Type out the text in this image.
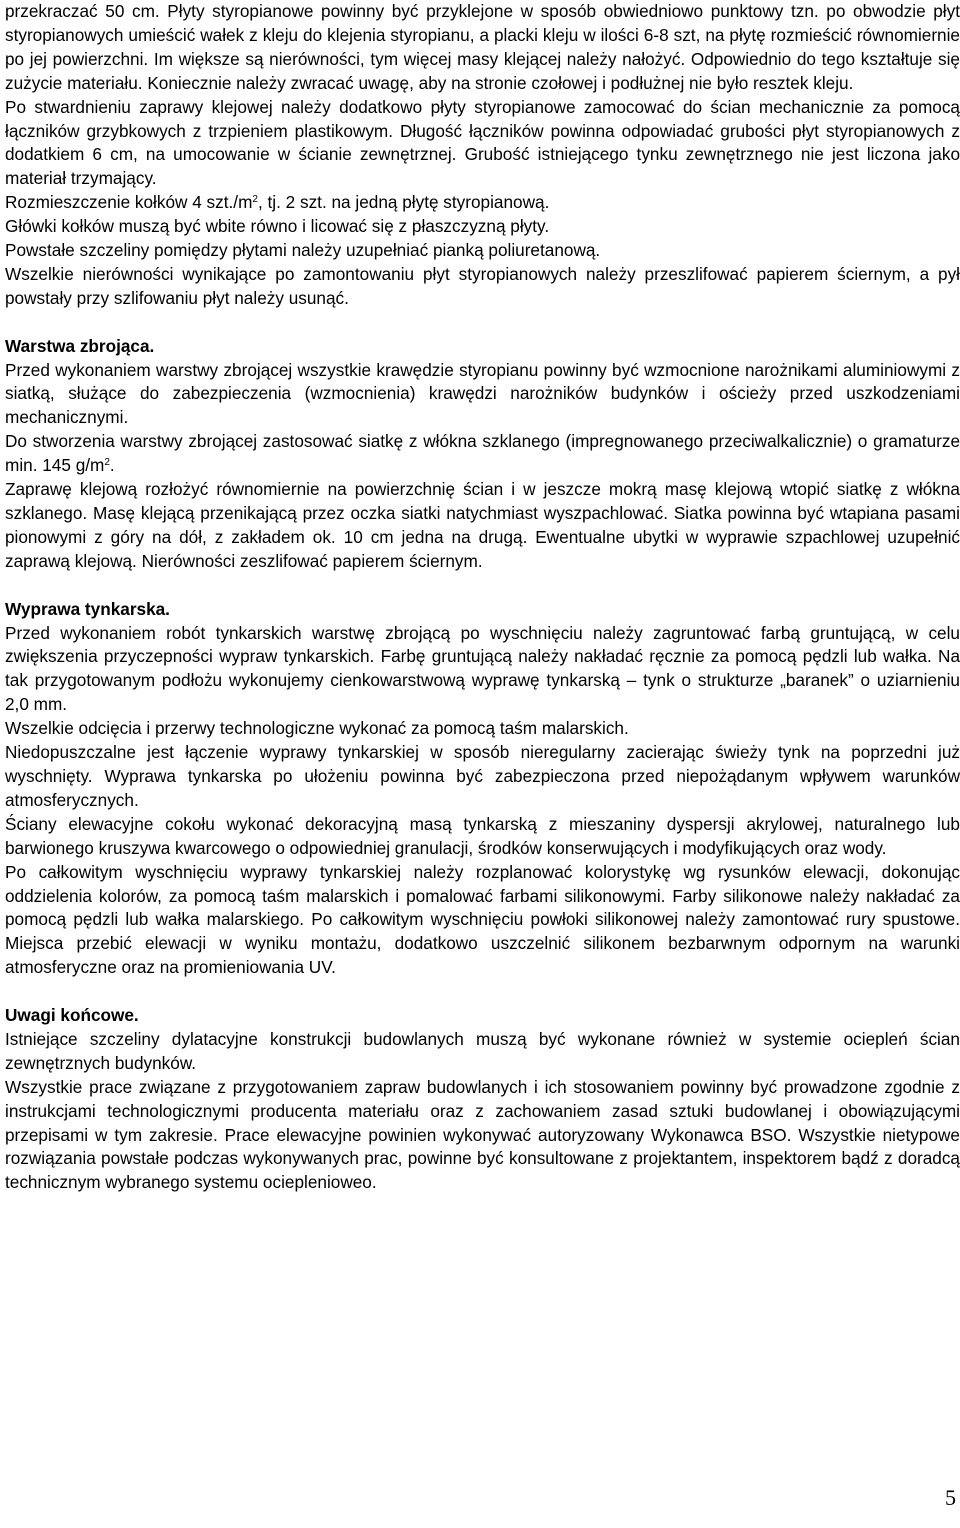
przekraczać 50 cm. Płyty styropianowe powinny być przyklejone w sposób obwiedniowo punktowy tzn. po obwodzie płyt styropianowych umieścić wałek z kleju do klejenia styropianu, a placki kleju w ilości 6-8 szt, na płytę rozmieścić równomiernie po jej powierzchni. Im większe są nierówności, tym więcej masy klejącej należy nałożyć. Odpowiednio do tego kształtuje się zużycie materiału. Koniecznie należy zwracać uwagę, aby na stronie czołowej i podłużnej nie było resztek kleju.

Po stwardnieniu zaprawy klejowej należy dodatkowo płyty styropianowe zamocować do ścian mechanicznie za pomocą łączników grzybkowych z trzpieniem plastikowym. Długość łączników powinna odpowiadać grubości płyt styropianowych z dodatkiem 6 cm, na umocowanie w ścianie zewnętrznej. Grubość istniejącego tynku zewnętrznego nie jest liczona jako materiał trzymający.

Rozmieszczenie kołków 4 $szt./m^2$, tj. 2 szt. na jedną płytę styropianową.

Główki kołków muszą być wbite równo i licować się z płaszczyzną płyty.

Powstałe szczeliny pomiędzy płytami należy uzupełniać pianką poliuretanową.

Wszelkie nierówności wynikające po zamontowaniu płyt styropianowych należy przeszlifować papierem ściernym, a pył powstały przy szlifowaniu płyt należy usunąć.

Warstwa zbrojąca.

Przed wykonaniem warstwy zbrojącej wszystkie krawędzie styropianu powinny być wzmocnione narożnikami aluminiowymi z siatką, służące do zabezpieczenia (wzmocnienia) krawędzi narożników budynków i ościeży przed uszkodzeniami mechanicznymi.

Do stworzenia warstwy zbrojącej zastosować siatkę z włókna szklanego (impregnowanego przeciwalkalicznie) o gramaturze min. 145 $g/m^2$.

Zaprawę klejową rozłożyć równomiernie na powierzchnię ścian i w jeszcze mokrą masę klejową wtopić siatkę z włókna szklanego. Masę klejącą przenikającą przez oczka siatki natychmiast wyszpachlować. Siatka powinna być wtapiana pasami pionowymi z góry na dół, z zakładem ok. 10 cm jedna na drugą. Ewentualne ubytki w wyprawie szpachlowej uzupełnić zaprawą klejową. Nierówności zeszlifować papierem ściernym.

Wyprawa tynkarska.

Przed wykonaniem robót tynkarskich warstwę zbrojącą po wyschnięciu należy zagruntować farbą gruntującą, w celu zwiększenia przyczepności wypraw tynkarskich. Farbę gruntującą należy nakładać ręcznie za pomocą pędzli lub wałka. Na tak przygotowanym podłożu wykonujemy cienkowarstwową wyprawę tynkarską – tynk o strukturze „baranek” o uziarnieniu 2,0 mm.

Wszelkie odcięcia i przerwy technologiczne wykonać za pomocą taśm malarskich.

Niedopuszczalne jest łączenie wyprawy tynkarskiej w sposób nieregularny zacierając świeży tynk na poprzedni już wyschnięty. Wyprawa tynkarska po ułożeniu powinna być zabezpieczona przed niepożądanym wpływem warunków atmosferycznych.

Ściany elewacyjne cokołu wykonać dekoracyjną masą tynkarską z mieszaniny dyspersji akrylowej, naturalnego lub barwionego kruszywa kwarcowego o odpowiedniej granulacji, środków konserwujących i modyfikujących oraz wody.

Po całkowitym wyschnięciu wyprawy tynkarskiej należy rozplanować kolorystykę wg rysunków elewacji, dokonując oddzielenia kolorów, za pomocą taśm malarskich i pomalować farbami silikonowymi. Farby silikonowe należy nakładać za pomocą pędzli lub wałka malarskiego. Po całkowitym wyschnięciu powłoki silikonowej należy zamontować rury spustowe. Miejsca przebić elewacji w wyniku montażu, dodatkowo uszczelnić silikonem bezbarwnym odpornym na warunki atmosferyczne oraz na promieniowania UV.

Uwagi końcowe.

Istniejące szczeliny dylatacyjne konstrukcji budowlanych muszą być wykonane również w systemie ociepleń ścian zewnętrznych budynków.

Wszystkie prace związane z przygotowaniem zapraw budowlanych i ich stosowaniem powinny być prowadzone zgodnie z instrukcjami technologicznymi producenta materiału oraz z zachowaniem zasad sztuki budowlanej i obowiązującymi przepisami w tym zakresie. Prace elewacyjne powinien wykonywać autoryzowany Wykonawca BSO. Wszystkie nietypowe rozwiązania powstałe podczas wykonywanych prac, powinne być konsultowane z projektantem, inspektorem bądź z doradcą technicznym wybranego systemu ocieplenioweo.

5
